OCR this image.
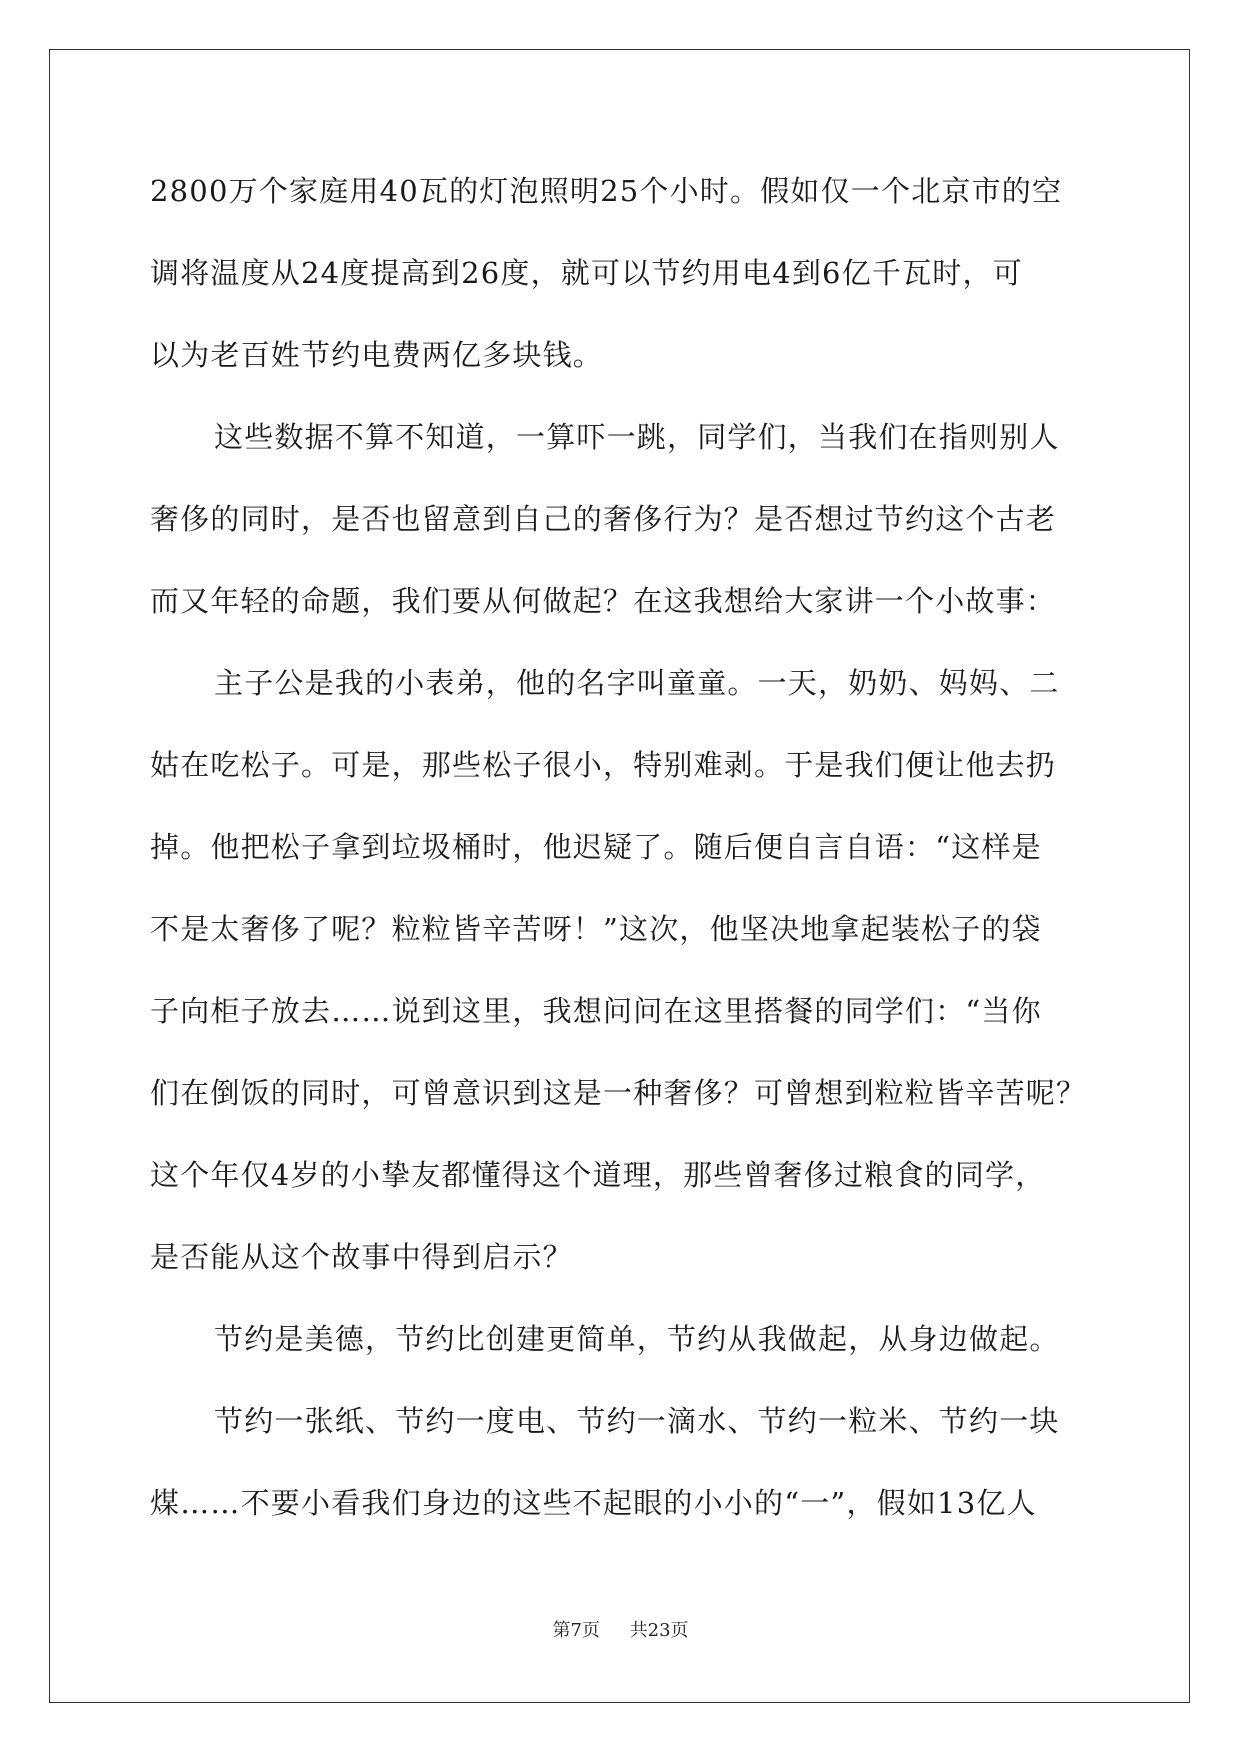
2800万个家庭用40瓦的灯泡照明25个小时。假如仅一个北京市的空
调将温度从24度提高到26度，就可以节约用电4到6亿千瓦时，可
以为老百姓节约电费两亿多块钱。
这些数据不算不知道，一算吓一跳，同学们，当我们在指则别人
奢侈的同时，是否也留意到自己的奢侈行为？是否想过节约这个古老
而又年轻的命题，我们要从何做起？在这我想给大家讲一个小故事：
主子公是我的小表弟，他的名字叫童童。一天，奶奶、妈妈、二
姑在吃松子。可是，那些松子很小，特别难剥。于是我们便让他去扔
掉。他把松子拿到垃圾桶时，他迟疑了。随后便自言自语：“这样是
不是太奢侈了呢？粒粒皆辛苦呀！”这次，他坚决地拿起装松子的袋
子向柜子放去……说到这里，我想问问在这里搭餐的同学们：“当你
们在倒饭的同时，可曾意识到这是一种奢侈？可曾想到粒粒皆辛苦呢？
这个年仅4岁的小挚友都懂得这个道理，那些曾奢侈过粮食的同学，
是否能从这个故事中得到启示？
节约是美德，节约比创建更简单，节约从我做起，从身边做起。
节约一张纸、节约一度电、节约一滴水、节约一粒米、节约一块
煤……不要小看我们身边的这些不起眼的小小的“一”，假如13亿人
第7页 共23页
